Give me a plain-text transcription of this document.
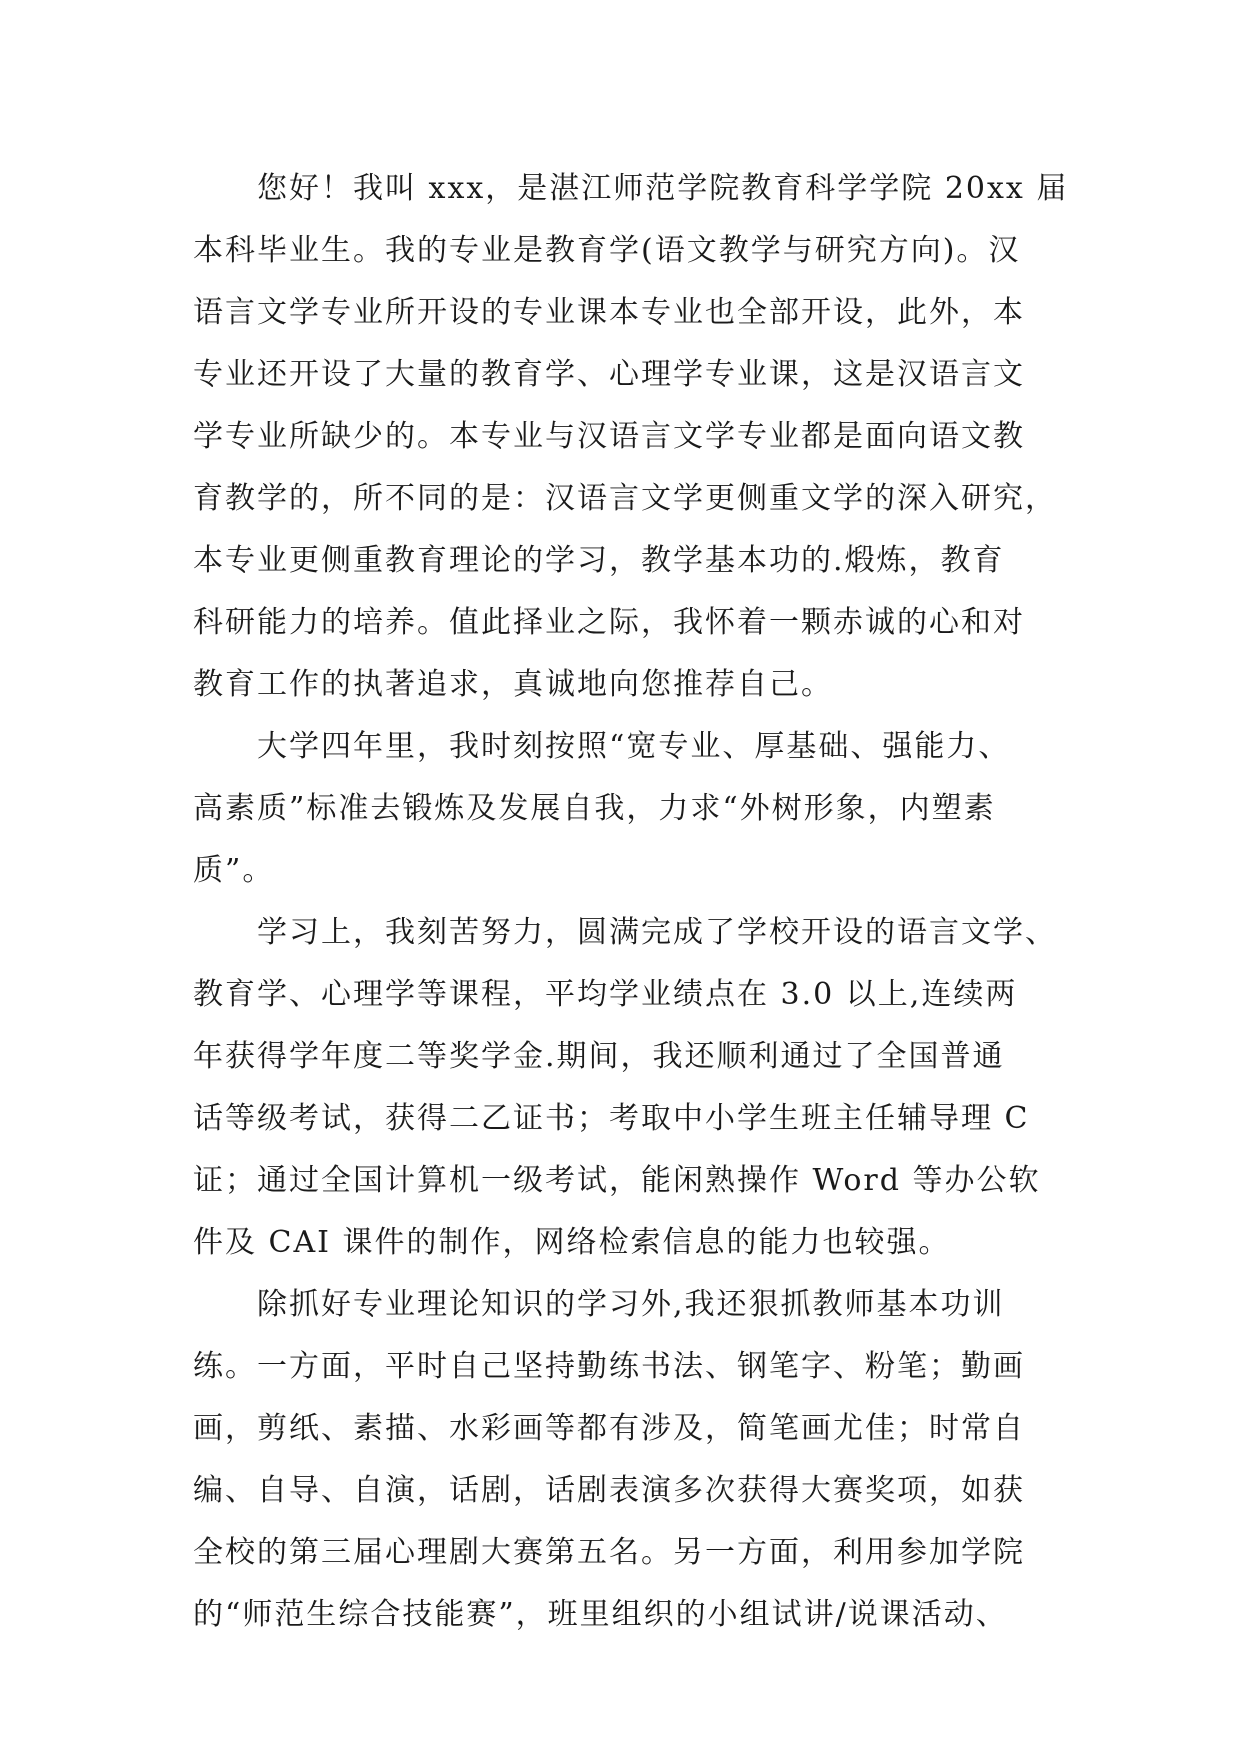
　　您好！我叫 xxx，是湛江师范学院教育科学学院 20xx 届

本科毕业生。我的专业是教育学(语文教学与研究方向)。汉

语言文学专业所开设的专业课本专业也全部开设，此外，本

专业还开设了大量的教育学、心理学专业课，这是汉语言文

学专业所缺少的。本专业与汉语言文学专业都是面向语文教

育教学的，所不同的是：汉语言文学更侧重文学的深入研究，

本专业更侧重教育理论的学习，教学基本功的.煅炼，教育

科研能力的培养。值此择业之际，我怀着一颗赤诚的心和对

教育工作的执著追求，真诚地向您推荐自己。

　　大学四年里，我时刻按照“宽专业、厚基础、强能力、

高素质”标准去锻炼及发展自我，力求“外树形象，内塑素

质”。

　　学习上，我刻苦努力，圆满完成了学校开设的语言文学、

教育学、心理学等课程，平均学业绩点在 3.0 以上,连续两

年获得学年度二等奖学金.期间，我还顺利通过了全国普通

话等级考试，获得二乙证书；考取中小学生班主任辅导理 C

证；通过全国计算机一级考试，能闲熟操作 Word 等办公软

件及 CAI 课件的制作，网络检索信息的能力也较强。

　　除抓好专业理论知识的学习外,我还狠抓教师基本功训

练。一方面，平时自己坚持勤练书法、钢笔字、粉笔；勤画

画，剪纸、素描、水彩画等都有涉及，简笔画尤佳；时常自

编、自导、自演，话剧，话剧表演多次获得大赛奖项，如获

全校的第三届心理剧大赛第五名。另一方面，利用参加学院

的“师范生综合技能赛”，班里组织的小组试讲/说课活动、
